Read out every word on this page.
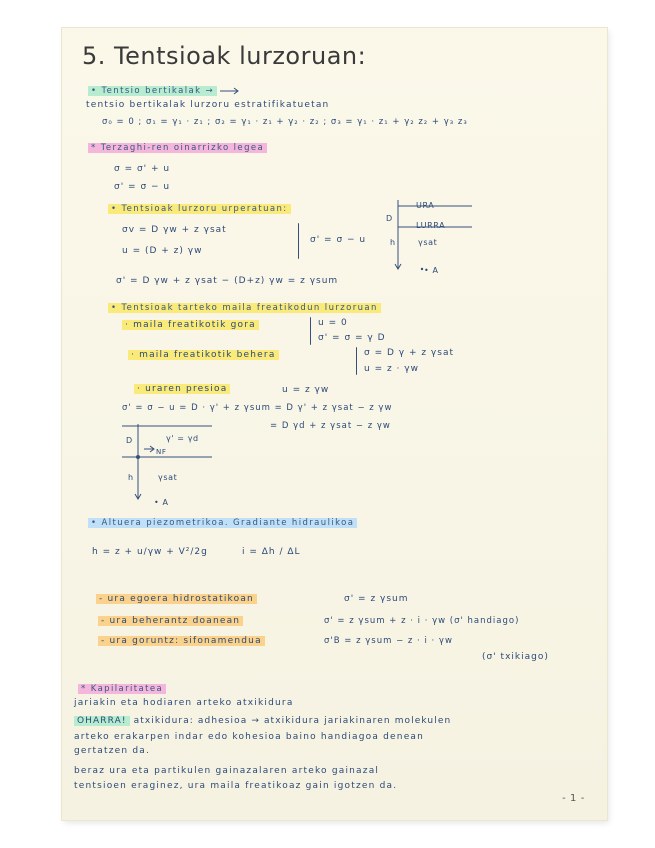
5. Tentsioak lurzoruan:
• Tentsio bertikalak →
tentsio bertikalak lurzoru estratifikatuetan
σ₀ = 0 ; σ₁ = γ₁ · z₁ ; σ₂ = γ₁ · z₁ + γ₂ · z₂ ; σ₃ = γ₁ · z₁ + γ₂ z₂ + γ₃ z₃
* Terzaghi-ren oinarrizko legea
σ = σ' + u
σ' = σ − u
• Tentsioak lurzoru urperatuan:
σv = D γw + z γsat
u = (D + z) γw
σ' = σ − u
D
URA
LURRA
h	γsat
• A
σ' = D γw + z γsat − (D+z) γw = z γsum
• Tentsioak tarteko maila freatikodun lurzoruan
· maila freatikotik gora	u = 0
σ' = σ = γ D
· maila freatikotik behera	σ = D γ + z γsat
u = z · γw
· uraren presioa	u = z γw
σ' = σ − u = D · γ' + z γsum = D γ' + z γsat − z γw
= D γd + z γsat − z γw
D	γ' = γd
NF
h	γsat
• A
• Altuera piezometrikoa. Gradiante hidraulikoa
h = z + u/γw + V²/2g	i = Δh / ΔL
- ura egoera hidrostatikoan	σ' = z γsum
- ura beherantz doanean	σ' = z γsum + z · i · γw (σ' handiago)
- ura goruntz: sifonamendua	σ'B = z γsum − z · i · γw
(σ' txikiago)
* Kapilaritatea
jariakin eta hodiaren arteko atxikidura
OHARRA! atxikidura: adhesioa → atxikidura jariakinaren molekulen
arteko erakarpen indar edo kohesioa baino handiagoa denean
gertatzen da.
beraz ura eta partikulen gainazalaren arteko gainazal
tentsioen eraginez, ura maila freatikoaz gain igotzen da.
- 1 -
